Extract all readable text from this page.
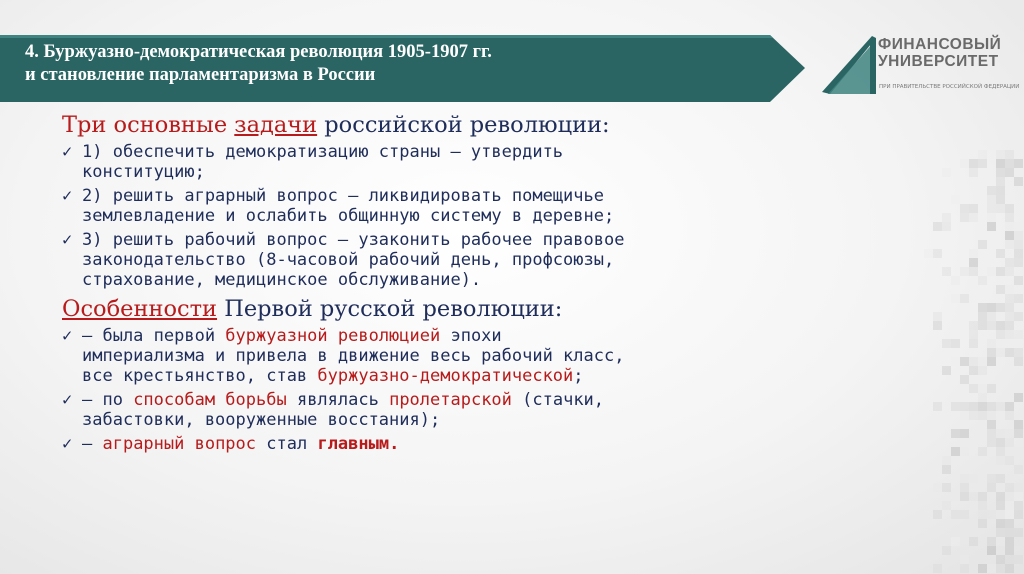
4. Буржуазно-демократическая революция 1905-1907 гг.
и становление парламентаризма в России
ФИНАНСОВЫЙ
УНИВЕРСИТЕТ
ПРИ ПРАВИТЕЛЬСТВЕ РОССИЙСКОЙ ФЕДЕРАЦИИ
Три основные задачи российской революции:
✓ 1) обеспечить демократизацию страны – утвердить
конституцию;
✓ 2) решить аграрный вопрос – ликвидировать помещичье
землевладение и ослабить общинную систему в деревне;
✓ 3) решить рабочий вопрос – узаконить рабочее правовое
законодательство (8-часовой рабочий день, профсоюзы,
страхование, медицинское обслуживание).
Особенности Первой русской революции:
✓ – была первой буржуазной революцией эпохи
империализма и привела в движение весь рабочий класс,
все крестьянство, став буржуазно-демократической;
✓ – по способам борьбы являлась пролетарской (стачки,
забастовки, вооруженные восстания);
✓ – аграрный вопрос стал главным.
